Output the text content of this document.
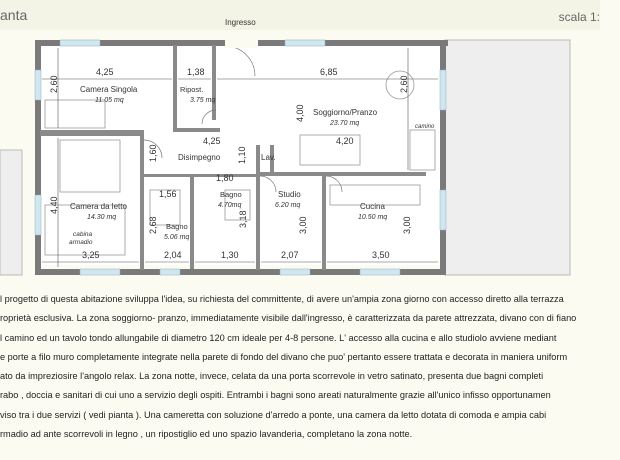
anta	scala 1:
Ingresso
Camera Singola
11.05 mq
Ripost.
3.75 mq
Soggiorno/Pranzo
23.70 mq	camino
Disimpegno	Lav.
Camera da letto
14.30 mq
cabina
armadio
Bagno
4.70mq
Bagno
5.06 mq
Studio
6.20 mq	Cucina
10.50 mq
4,25	1,38	6,85
4,25	4,20
1,80
1,56
3,25	2,04	1,30	2,07	3,50
2,60	2,60
4,00
1,60	1,10
4,40
2,68	3,18	3,00	3,00
l progetto di questa abitazione sviluppa l'idea, su richiesta del committente, di avere un'ampia zona giorno con accesso diretto alla terrazza
roprietà esclusiva. La zona soggiorno- pranzo, immediatamente visibile dall'ingresso, è caratterizzata da parete attrezzata, divano con di fiano
l camino ed un tavolo tondo allungabile di diametro 120 cm ideale per 4-8 persone. L' accesso alla cucina e allo studiolo avviene mediant
e porte a filo muro completamente integrate nella parete di fondo del divano che puo' pertanto essere trattata e decorata in maniera uniform
ato da impreziosire l'angolo relax. La zona notte, invece, celata da una porta scorrevole in vetro satinato, presenta due bagni completi
rabo , doccia e sanitari di cui uno a servizio degli ospiti. Entrambi i bagni sono areati naturalmente grazie all'unico infisso opportunamen
viso tra i due servizi ( vedi pianta ). Una cameretta con soluzione d'arredo a ponte, una camera da letto dotata di comoda e ampia cabi
rmadio ad ante scorrevoli in legno , un ripostiglio ed uno spazio lavanderia, completano la zona notte.
